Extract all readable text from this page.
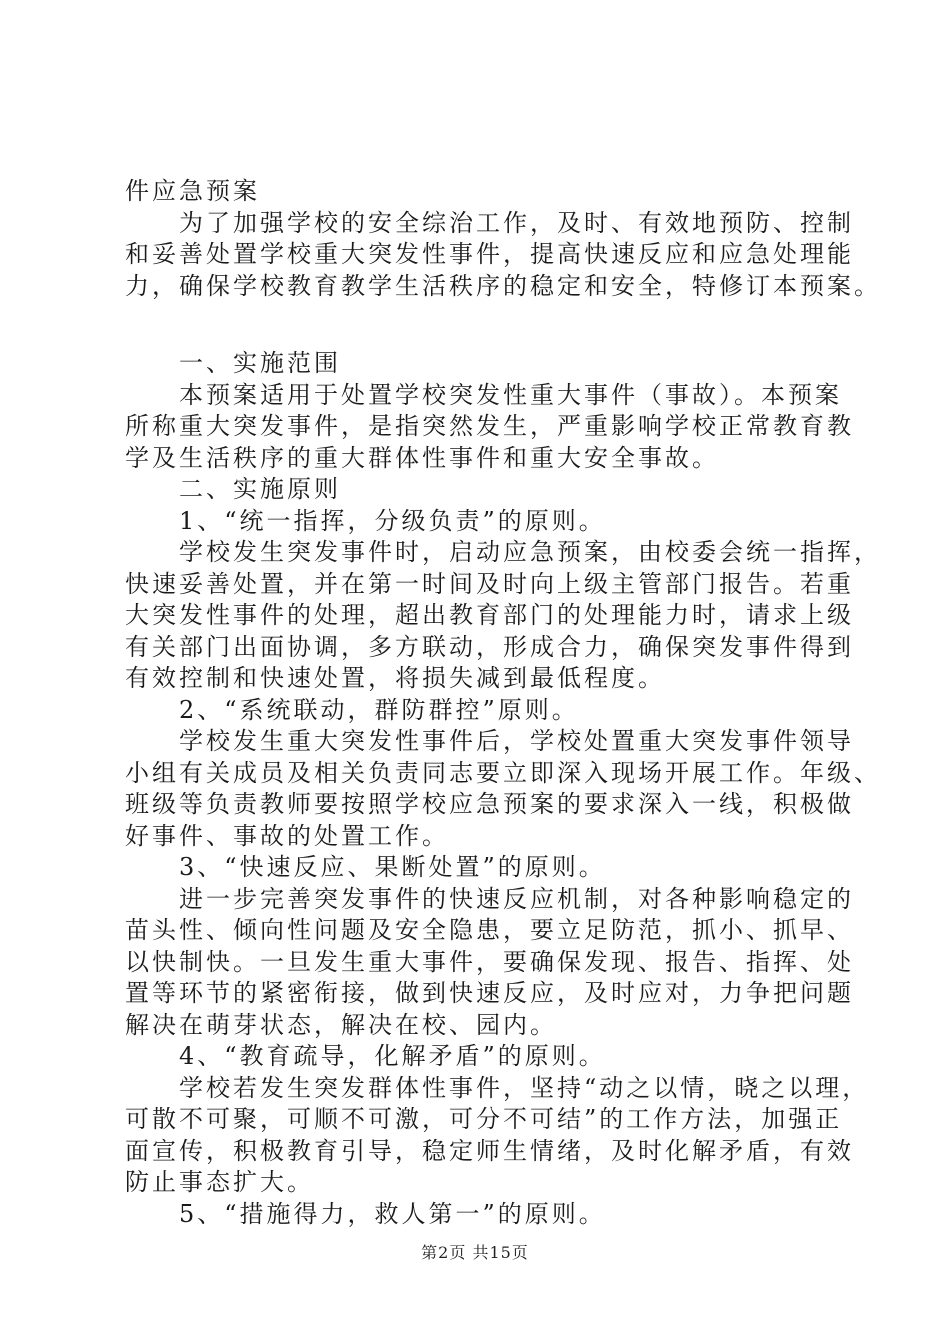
件应急预案
为了加强学校的安全综治工作，及时、有效地预防、控制
和妥善处置学校重大突发性事件，提高快速反应和应急处理能
力，确保学校教育教学生活秩序的稳定和安全，特修订本预案。
一、实施范围
本预案适用于处置学校突发性重大事件（事故）。本预案
所称重大突发事件，是指突然发生，严重影响学校正常教育教
学及生活秩序的重大群体性事件和重大安全事故。
二、实施原则
1、“统一指挥，分级负责”的原则。
学校发生突发事件时，启动应急预案，由校委会统一指挥，
快速妥善处置，并在第一时间及时向上级主管部门报告。若重
大突发性事件的处理，超出教育部门的处理能力时，请求上级
有关部门出面协调，多方联动，形成合力，确保突发事件得到
有效控制和快速处置，将损失减到最低程度。
2、“系统联动，群防群控”原则。
学校发生重大突发性事件后，学校处置重大突发事件领导
小组有关成员及相关负责同志要立即深入现场开展工作。年级、
班级等负责教师要按照学校应急预案的要求深入一线，积极做
好事件、事故的处置工作。
3、“快速反应、果断处置”的原则。
进一步完善突发事件的快速反应机制，对各种影响稳定的
苗头性、倾向性问题及安全隐患，要立足防范，抓小、抓早、
以快制快。一旦发生重大事件，要确保发现、报告、指挥、处
置等环节的紧密衔接，做到快速反应，及时应对，力争把问题
解决在萌芽状态，解决在校、园内。
4、“教育疏导，化解矛盾”的原则。
学校若发生突发群体性事件，坚持“动之以情，晓之以理，
可散不可聚，可顺不可激，可分不可结”的工作方法，加强正
面宣传，积极教育引导，稳定师生情绪，及时化解矛盾，有效
防止事态扩大。
5、“措施得力，救人第一”的原则。
第2页 共15页
